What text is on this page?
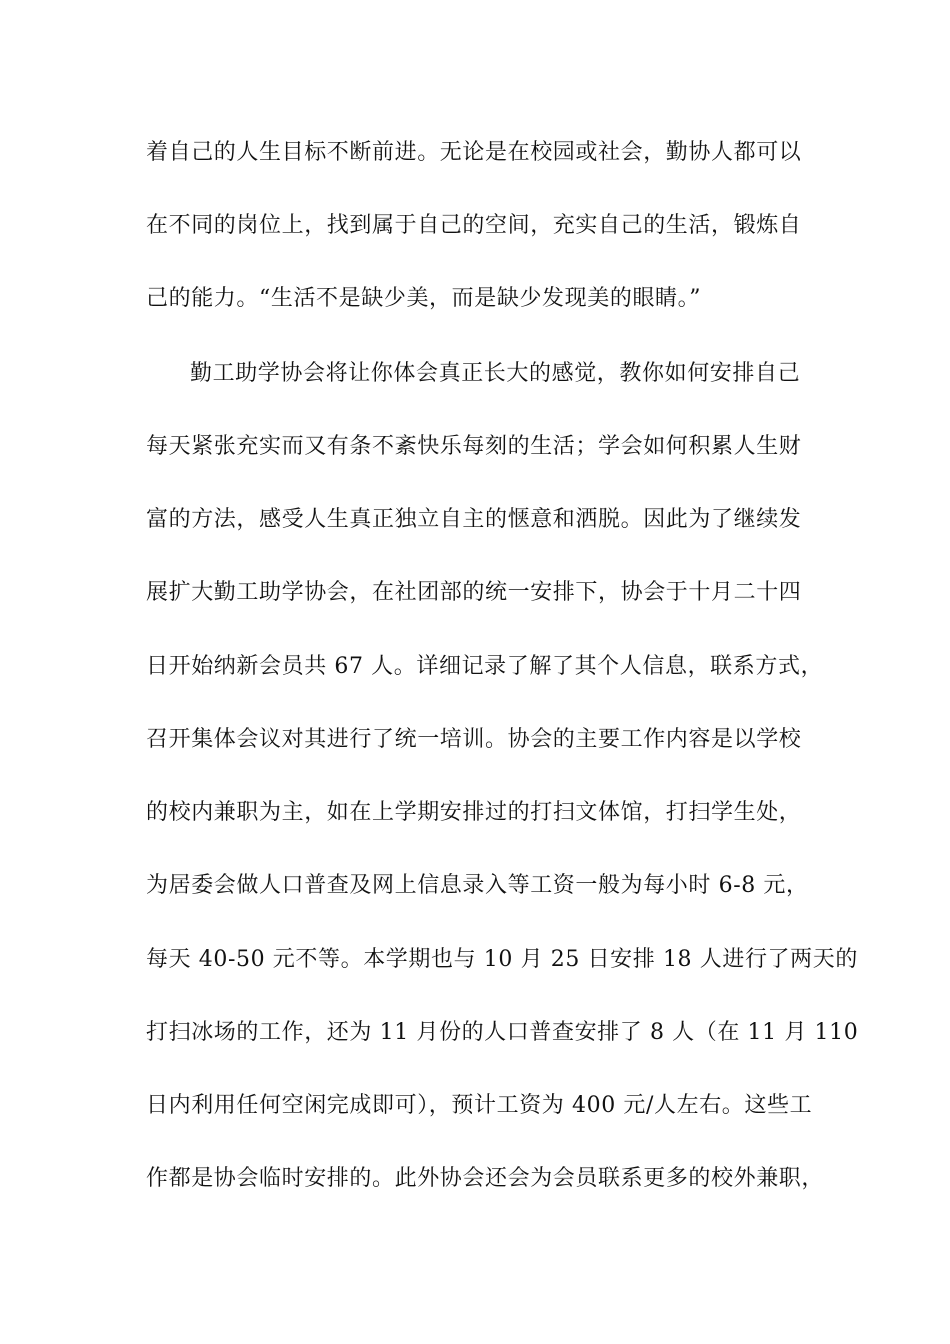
着自己的人生目标不断前进。无论是在校园或社会，勤协人都可以
在不同的岗位上，找到属于自己的空间，充实自己的生活，锻炼自
己的能力。“生活不是缺少美，而是缺少发现美的眼睛。”
勤工助学协会将让你体会真正长大的感觉，教你如何安排自己
每天紧张充实而又有条不紊快乐每刻的生活；学会如何积累人生财
富的方法，感受人生真正独立自主的惬意和洒脱。因此为了继续发
展扩大勤工助学协会，在社团部的统一安排下，协会于十月二十四
日开始纳新会员共 67 人。详细记录了解了其个人信息，联系方式，
召开集体会议对其进行了统一培训。协会的主要工作内容是以学校
的校内兼职为主，如在上学期安排过的打扫文体馆，打扫学生处，
为居委会做人口普查及网上信息录入等工资一般为每小时 6-8 元，
每天 40-50 元不等。本学期也与 10 月 25 日安排 18 人进行了两天的
打扫冰场的工作，还为 11 月份的人口普查安排了 8 人（在 11 月 110
日内利用任何空闲完成即可），预计工资为 400 元/人左右。这些工
作都是协会临时安排的。此外协会还会为会员联系更多的校外兼职，
